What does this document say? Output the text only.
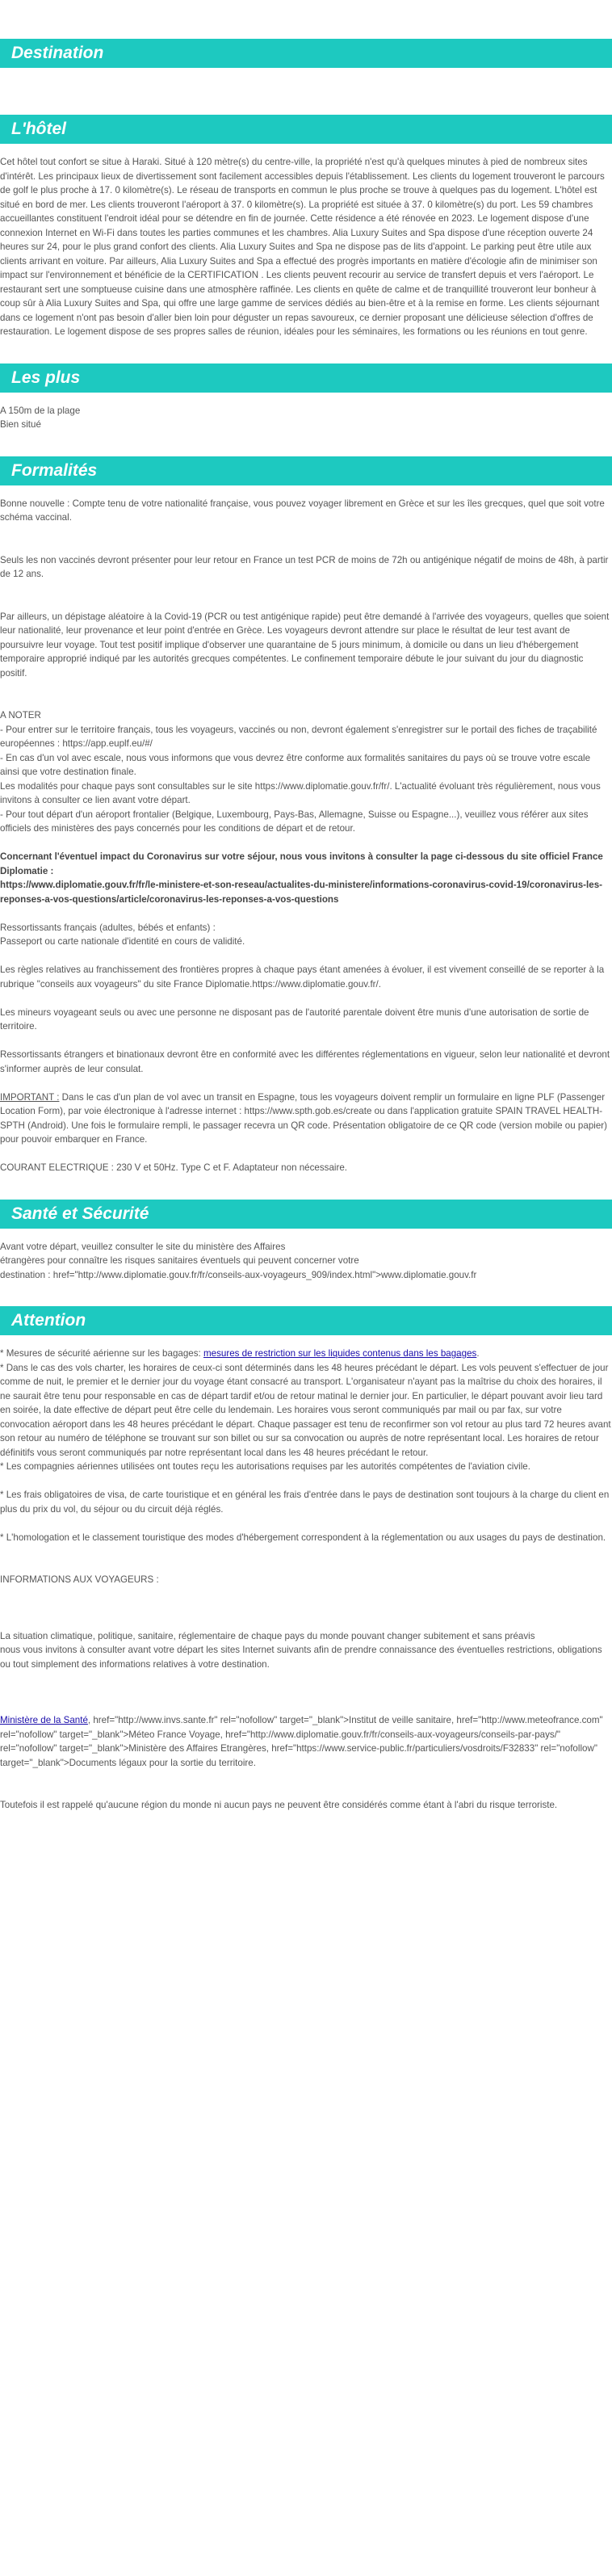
Destination
L'hôtel

Cet hôtel tout confort se situe à Haraki. Situé à 120 mètre(s) du centre-ville, la propriété n'est qu'à quelques minutes à pied de nombreux sites d'intérêt. Les principaux lieux de divertissement sont facilement accessibles depuis l'établissement. Les clients du logement trouveront le parcours de golf le plus proche à 17. 0 kilomètre(s). Le réseau de transports en commun le plus proche se trouve à quelques pas du logement. L'hôtel est situé en bord de mer. Les clients trouveront l'aéroport à 37. 0 kilomètre(s). La propriété est située à 37. 0 kilomètre(s) du port. Les 59 chambres accueillantes constituent l'endroit idéal pour se détendre en fin de journée. Cette résidence a été rénovée en 2023. Le logement dispose d'une connexion Internet en Wi-Fi dans toutes les parties communes et les chambres. Alia Luxury Suites and Spa dispose d'une réception ouverte 24 heures sur 24, pour le plus grand confort des clients. Alia Luxury Suites and Spa ne dispose pas de lits d'appoint. Le parking peut être utile aux clients arrivant en voiture. Par ailleurs, Alia Luxury Suites and Spa a effectué des progrès importants en matière d'écologie afin de minimiser son impact sur l'environnement et bénéficie de la CERTIFICATION . Les clients peuvent recourir au service de transfert depuis et vers l'aéroport. Le restaurant sert une somptueuse cuisine dans une atmosphère raffinée. Les clients en quête de calme et de tranquillité trouveront leur bonheur à coup sûr à Alia Luxury Suites and Spa, qui offre une large gamme de services dédiés au bien-être et à la remise en forme. Les clients séjournant dans ce logement n'ont pas besoin d'aller bien loin pour déguster un repas savoureux, ce dernier proposant une délicieuse sélection d'offres de restauration. Le logement dispose de ses propres salles de réunion, idéales pour les séminaires, les formations ou les réunions en tout genre.

Les plus

A 150m de la plage

Bien situé

Formalités

Bonne nouvelle : Compte tenu de votre nationalité française, vous pouvez voyager librement en Grèce et sur les îles grecques, quel que soit votre schéma vaccinal.

Seuls les non vaccinés devront présenter pour leur retour en France un test PCR de moins de 72h ou antigénique négatif de moins de 48h, à partir de 12 ans.

Par ailleurs, un dépistage aléatoire à la Covid-19 (PCR ou test antigénique rapide) peut être demandé à l'arrivée des voyageurs, quelles que soient leur nationalité, leur provenance et leur point d'entrée en Grèce. Les voyageurs devront attendre sur place le résultat de leur test avant de poursuivre leur voyage. Tout test positif implique d'observer une quarantaine de 5 jours minimum, à domicile ou dans un lieu d'hébergement temporaire approprié indiqué par les autorités grecques compétentes. Le confinement temporaire débute le jour suivant du jour du diagnostic positif.

A NOTER
- Pour entrer sur le territoire français, tous les voyageurs, vaccinés ou non, devront également s'enregistrer sur le portail des fiches de traçabilité européennes : https://app.euplf.eu/#/
- En cas d'un vol avec escale, nous vous informons que vous devrez être conforme aux formalités sanitaires du pays où se trouve votre escale ainsi que votre destination finale.
Les modalités pour chaque pays sont consultables sur le site https://www.diplomatie.gouv.fr/fr/. L'actualité évoluant très régulièrement, nous vous invitons à consulter ce lien avant votre départ.
- Pour tout départ d'un aéroport frontalier (Belgique, Luxembourg, Pays-Bas, Allemagne, Suisse ou Espagne...), veuillez vous référer aux sites officiels des ministères des pays concernés pour les conditions de départ et de retour.

Concernant l'éventuel impact du Coronavirus sur votre séjour, nous vous invitons à consulter la page ci-dessous du site officiel France Diplomatie :
https://www.diplomatie.gouv.fr/fr/le-ministere-et-son-reseau/actualites-du-ministere/informations-coronavirus-covid-19/coronavirus-les-reponses-a-vos-questions/article/coronavirus-les-reponses-a-vos-questions

Ressortissants français (adultes, bébés et enfants) :
Passeport ou carte nationale d'identité en cours de validité.

Les règles relatives au franchissement des frontières propres à chaque pays étant amenées à évoluer, il est vivement conseillé de se reporter à la rubrique "conseils aux voyageurs" du site France Diplomatie.https://www.diplomatie.gouv.fr/.

Les mineurs voyageant seuls ou avec une personne ne disposant pas de l'autorité parentale doivent être munis d'une autorisation de sortie de territoire.

Ressortissants étrangers et binationaux devront être en conformité avec les différentes réglementations en vigueur, selon leur nationalité et devront s'informer auprès de leur consulat.

IMPORTANT : Dans le cas d'un plan de vol avec un transit en Espagne, tous les voyageurs doivent remplir un formulaire en ligne PLF (Passenger Location Form), par voie électronique à l'adresse internet : https://www.spth.gob.es/create ou dans l'application gratuite SPAIN TRAVEL HEALTH-SPTH (Android). Une fois le formulaire rempli, le passager recevra un QR code. Présentation obligatoire de ce QR code (version mobile ou papier) pour pouvoir embarquer en France.

COURANT ELECTRIQUE : 230 V et 50Hz. Type C et F. Adaptateur non nécessaire.

Santé et Sécurité

Avant votre départ, veuillez consulter le site du ministère des Affaires
étrangères pour connaître les risques sanitaires éventuels qui peuvent concerner votre
destination : href="http://www.diplomatie.gouv.fr/fr/conseils-aux-voyageurs_909/index.html">www.diplomatie.gouv.fr

Attention

* Mesures de sécurité aérienne sur les bagages: mesures de restriction sur les liquides contenus dans les bagages.

* Dans le cas des vols charter, les horaires de ceux-ci sont déterminés dans les 48 heures précédant le départ. Les vols peuvent s'effectuer de jour comme de nuit, le premier et le dernier jour du voyage étant consacré au transport. L'organisateur n'ayant pas la maîtrise du choix des horaires, il ne saurait être tenu pour responsable en cas de départ tardif et/ou de retour matinal le dernier jour. En particulier, le départ pouvant avoir lieu tard en soirée, la date effective de départ peut être celle du lendemain. Les horaires vous seront communiqués par mail ou par fax, sur votre convocation aéroport dans les 48 heures précédant le départ. Chaque passager est tenu de reconfirmer son vol retour au plus tard 72 heures avant son retour au numéro de téléphone se trouvant sur son billet ou sur sa convocation ou auprès de notre représentant local. Les horaires de retour définitifs vous seront communiqués par notre représentant local dans les 48 heures précédant le retour.
* Les compagnies aériennes utilisées ont toutes reçu les autorisations requises par les autorités compétentes de l'aviation civile.

* Les frais obligatoires de visa, de carte touristique et en général les frais d'entrée dans le pays de destination sont toujours à la charge du client en plus du prix du vol, du séjour ou du circuit déjà réglés.

* L'homologation et le classement touristique des modes d'hébergement correspondent à la réglementation ou aux usages du pays de destination.

INFORMATIONS AUX VOYAGEURS :

La situation climatique, politique, sanitaire, réglementaire de chaque pays du monde pouvant changer subitement et sans préavis
nous vous invitons à consulter avant votre départ les sites Internet suivants afin de prendre connaissance des éventuelles restrictions, obligations ou tout simplement des informations relatives à votre destination.

Ministère de la Santé, href="http://www.invs.sante.fr" rel="nofollow" target="_blank">Institut de veille sanitaire, href="http://www.meteofrance.com" rel="nofollow" target="_blank">Méteo France Voyage, href="http://www.diplomatie.gouv.fr/fr/conseils-aux-voyageurs/conseils-par-pays/" rel="nofollow" target="_blank">Ministère des Affaires Etrangères, href="https://www.service-public.fr/particuliers/vosdroits/F32833" rel="nofollow" target="_blank">Documents légaux pour la sortie du territoire.

Toutefois il est rappelé qu'aucune région du monde ni aucun pays ne peuvent être considérés comme étant à l'abri du risque terroriste.
